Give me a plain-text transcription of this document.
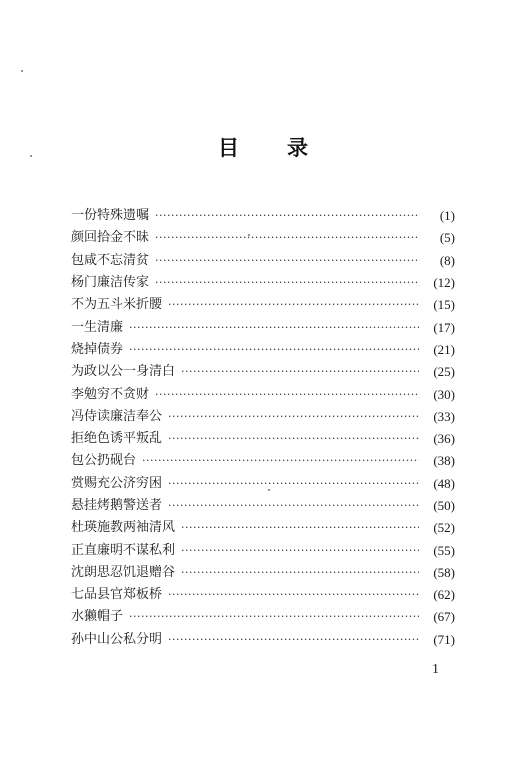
目 录
一份特殊遗嘱 ·····	(1)
颜回拾金不昧 ·····	(5)
包咸不忘清贫 ·····	(8)
杨门廉洁传家 ·····	(12)
不为五斗米折腰 ·····	(15)
一生清廉 ·····	(17)
烧掉债券 ·····	(21)
为政以公一身清白 ·····	(25)
李勉穷不贪财 ·····	(30)
冯侍读廉洁奉公 ·····	(33)
拒绝色诱平叛乱 ·····	(36)
包公扔砚台 ·····	(38)
赏赐充公济穷困 ·····	(48)
悬挂烤鹅警送者 ·····	(50)
杜瑛施教两袖清风 ·····	(52)
正直廉明不谋私利 ·····	(55)
沈朗思忍饥退赠谷 ·····	(58)
七品县官郑板桥 ·····	(62)
水獭帽子 ·····	(67)
孙中山公私分明 ·····	(71)
1
